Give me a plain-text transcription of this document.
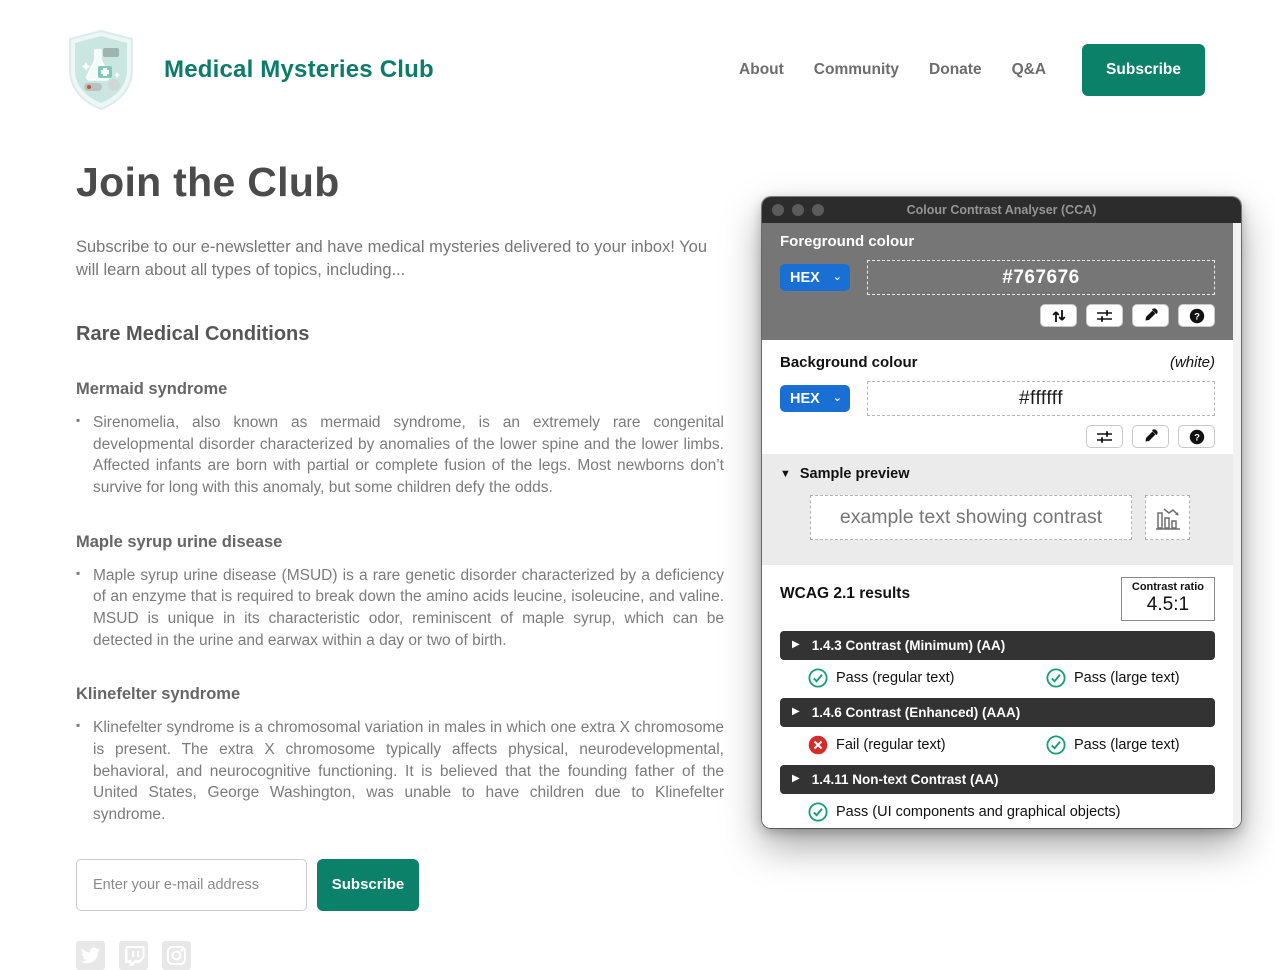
Medical Mysteries Club	About Community Donate Q&A	Subscribe
Join the Club

Subscribe to our e-newsletter and have medical mysteries delivered to your inbox! You will learn about all types of topics, including...

Rare Medical Conditions
Mermaid syndrome
▪ Sirenomelia, also known as mermaid syndrome, is an extremely rare congenital developmental disorder characterized by anomalies of the lower spine and the lower limbs. Affected infants are born with partial or complete fusion of the legs. Most newborns don’t survive for long with this anomaly, but some children defy the odds.
Maple syrup urine disease
▪ Maple syrup urine disease (MSUD) is a rare genetic disorder characterized by a deficiency of an enzyme that is required to break down the amino acids leucine, isoleucine, and valine. MSUD is unique in its characteristic odor, reminiscent of maple syrup, which can be detected in the urine and earwax within a day or two of birth.
Klinefelter syndrome
▪ Klinefelter syndrome is a chromosomal variation in males in which one extra X chromosome is present. The extra X chromosome typically affects physical, neurodevelopmental, behavioral, and neurocognitive functioning. It is believed that the founding father of the United States, George Washington, was unable to have children due to Klinefelter syndrome.
Enter your e-mail address
Subscribe
Colour Contrast Analyser (CCA)
Foreground colour
HEX ⌄	#767676
?
Background colour	(white)
HEX ⌄	#ffffff
?
▼ Sample preview
example text showing contrast
WCAG 2.1 results	Contrast ratio
4.5:1
▶ 1.4.3 Contrast (Minimum) (AA)
Pass (regular text)	Pass (large text)
▶ 1.4.6 Contrast (Enhanced) (AAA)
Fail (regular text)	Pass (large text)
▶ 1.4.11 Non-text Contrast (AA)
Pass (UI components and graphical objects)
